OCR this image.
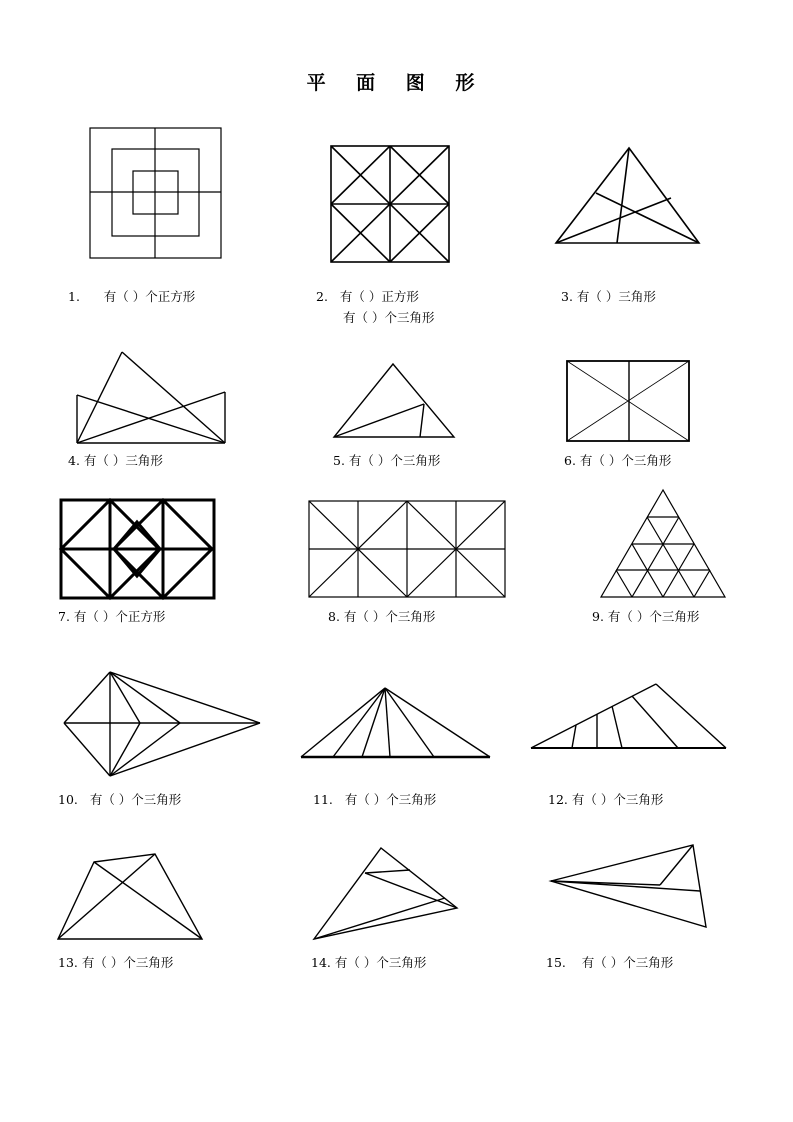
平 面 图 形
1. 有（ ）个正方形	2. 有（ ）正方形
有（ ）个三角形
3. 有（ ）三角形
4. 有（ ）三角形	5. 有（ ）个三角形	6. 有（ ）个三角形
7. 有（ ）个正方形	8. 有（ ）个三角形	9. 有（ ）个三角形
10. 有（ ）个三角形	11. 有（ ）个三角形	12. 有（ ）个三角形
13. 有（ ）个三角形	14. 有（ ）个三角形	15. 有（ ）个三角形
